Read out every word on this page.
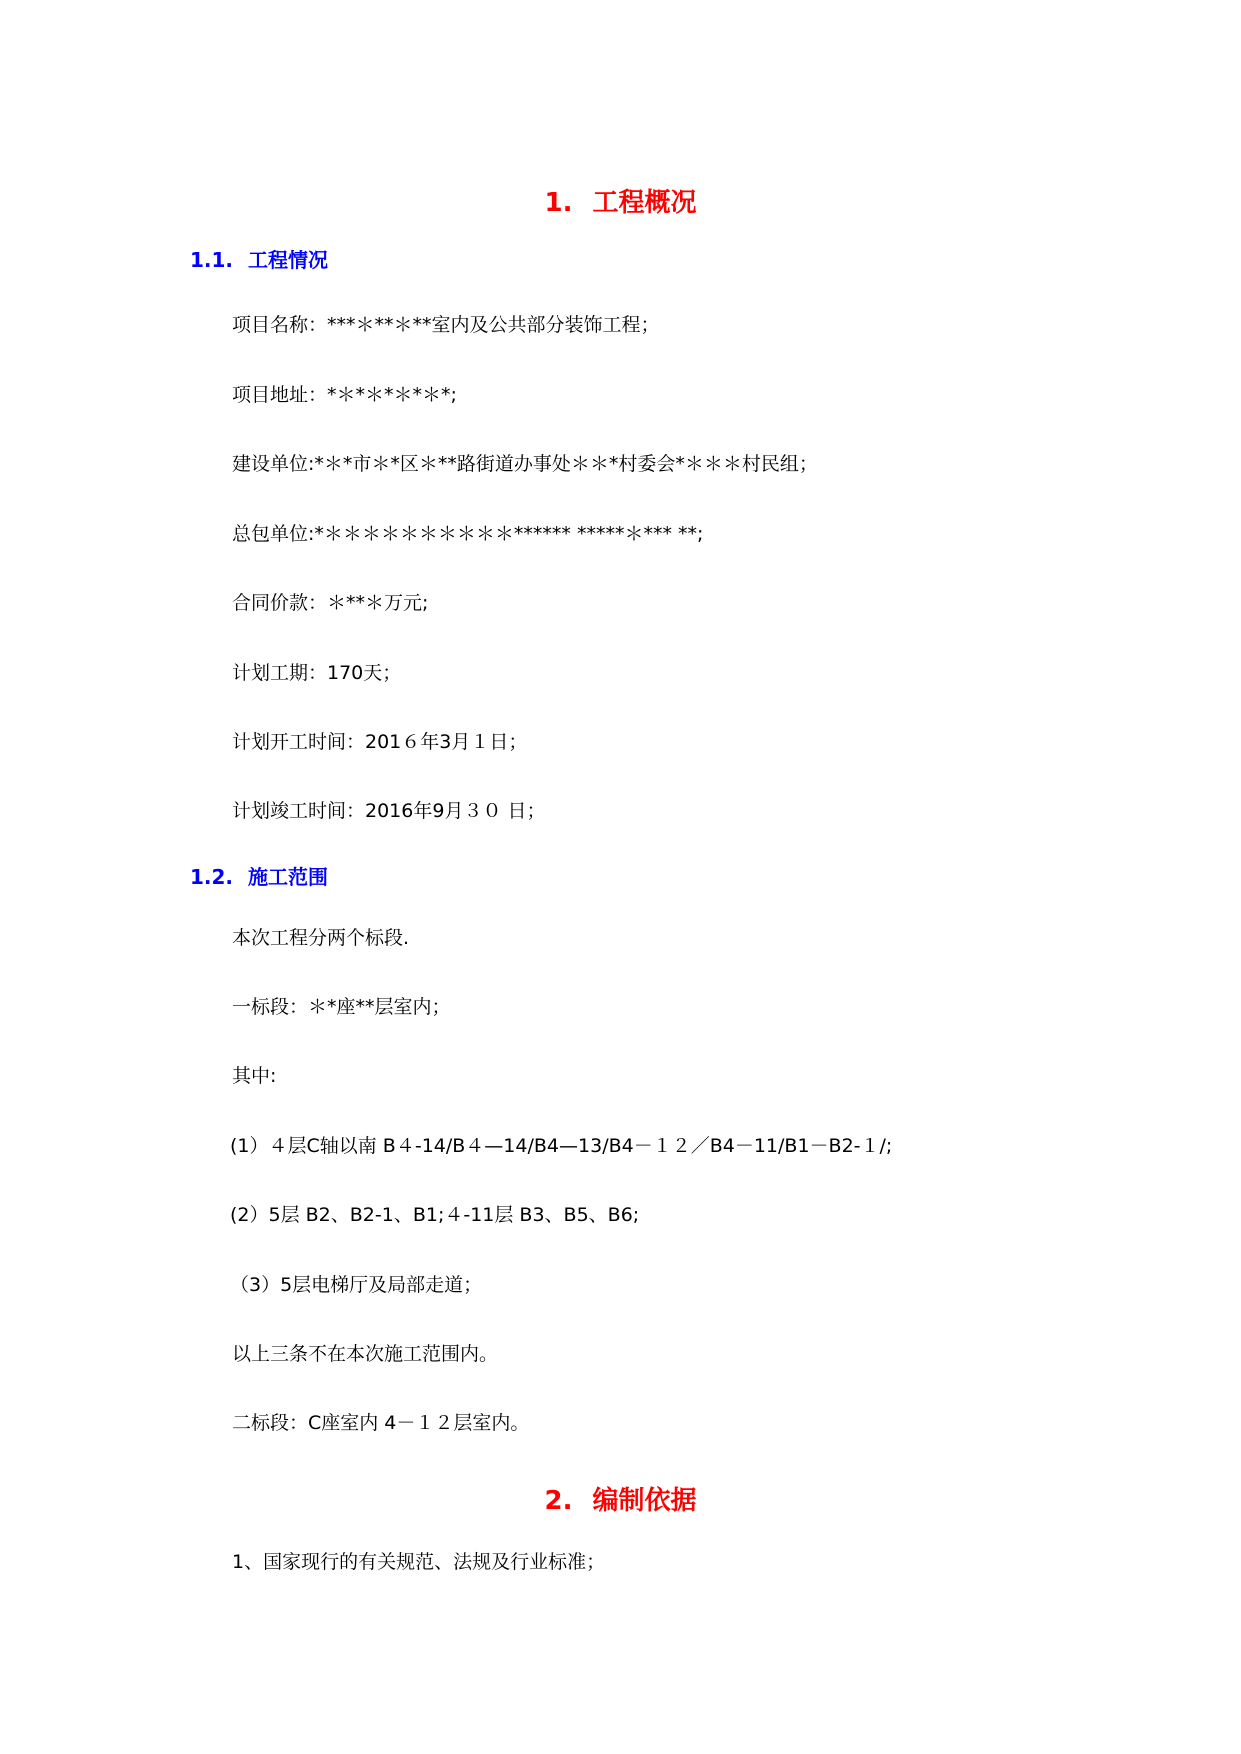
1. 工程概况
1.1. 工程情况
项目名称：***＊**＊**室内及公共部分装饰工程；
项目地址：*＊*＊*＊*＊*;
建设单位:*＊*市＊*区＊**路街道办事处＊＊*村委会*＊＊＊村民组；
总包单位:*＊＊＊＊＊＊＊＊＊＊****** *****＊*** **;
合同价款：＊**＊万元;
计划工期：170天；
计划开工时间：201６年3月１日；
计划竣工时间：2016年9月３０ 日；
1.2. 施工范围
本次工程分两个标段.
一标段：＊*座**层室内；
其中:
(1）４层C轴以南 B４-14/B４—14/B4—13/B4－１２／B4－11/B1－B2-１/;
(2）5层 B2、B2-1、B1;４-11层 B3、B5、B6;
（3）5层电梯厅及局部走道；
以上三条不在本次施工范围内。
二标段：C座室内 4－１２层室内。
2. 编制依据
1、国家现行的有关规范、法规及行业标准；
